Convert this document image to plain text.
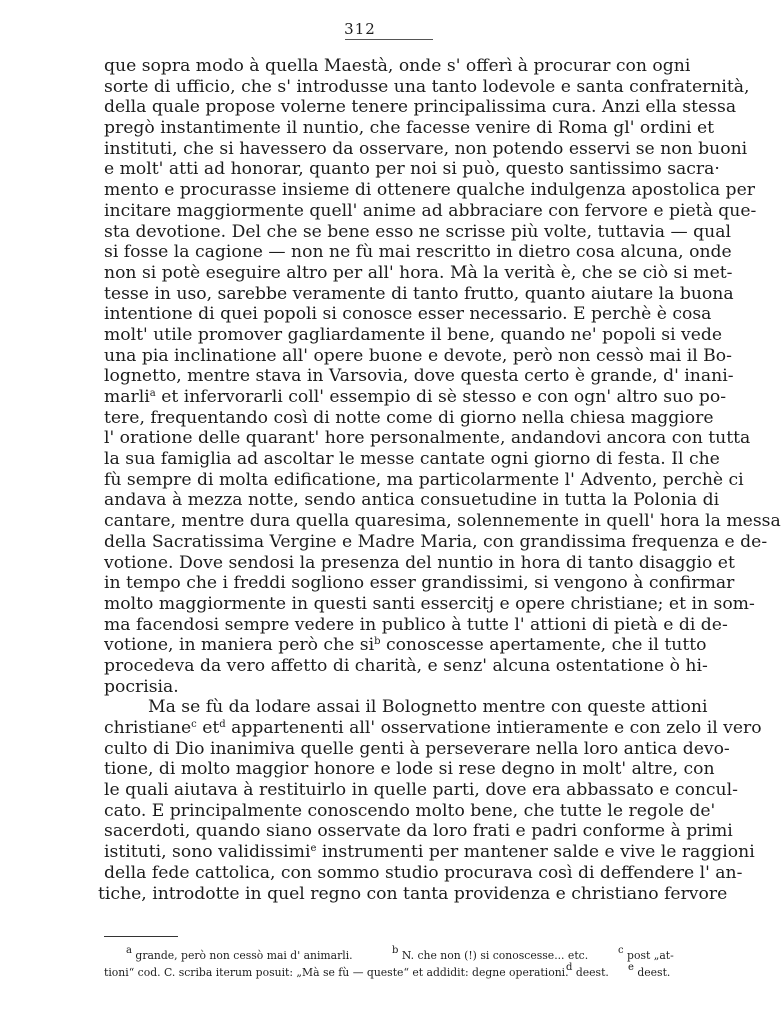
312
que sopra modo à quella Maestà, onde s' offerì à procurar con ogni
sorte di ufficio, che s' introdusse una tanto lodevole e santa confraternità,
della quale propose volerne tenere principalissima cura. Anzi ella stessa
pregò instantimente il nuntio, che facesse venire di Roma gl' ordini et
instituti, che si havessero da osservare, non potendo esservi se non buoni
e molt' atti ad honorar, quanto per noi si può, questo santissimo sacra·
mento e procurasse insieme di ottenere qualche indulgenza apostolica per
incitare maggiormente quell' anime ad abbraciare con fervore e pietà que-
sta devotione. Del che se bene esso ne scrisse più volte, tuttavia — qual
si fosse la cagione — non ne fù mai rescritto in dietro cosa alcuna, onde
non si potè eseguire altro per all' hora. Mà la verità è, che se ciò si met-
tesse in uso, sarebbe veramente di tanto frutto, quanto aiutare la buona
intentione di quei popoli si conosce esser necessario. E perchè è cosa
molt' utile promover gagliardamente il bene, quando ne' popoli si vede
una pia inclinatione all' opere buone e devote, però non cessò mai il Bo-
lognetto, mentre stava in Varsovia, dove questa certo è grande, d' inani-
marli$^a$ et infervorarli coll' essempio di sè stesso e con ogn' altro suo po-
tere, frequentando così di notte come di giorno nella chiesa maggiore
l' oratione delle quarant' hore personalmente, andandovi ancora con tutta
la sua famiglia ad ascoltar le messe cantate ogni giorno di festa. Il che
fù sempre di molta edificatione, ma particolarmente l' Advento, perchè ci
andava à mezza notte, sendo antica consuetudine in tutta la Polonia di
cantare, mentre dura quella quaresima, solennemente in quell' hora la messa
della Sacratissima Vergine e Madre Maria, con grandissima frequenza e de-
votione. Dove sendosi la presenza del nuntio in hora di tanto disaggio et
in tempo che i freddi sogliono esser grandissimi, si vengono à confirmar
molto maggiormente in questi santi essercitj e opere christiane; et in som-
ma facendosi sempre vedere in publico à tutte l' attioni di pietà e di de-
votione, in maniera però che $si^b$ conoscesse apertamente, che il tutto
procedeva da vero affetto di charità, e senz' alcuna ostentatione ò hi-
pocrisia.
Ma se fù da lodare assai il Bolognetto mentre con queste attioni
christiane$^c$ $et^d$ appartenenti all' osservatione intieramente e con zelo il vero
culto di Dio inanimiva quelle genti à perseverare nella loro antica devo-
tione, di molto maggior honore e lode si rese degno in molt' altre, con
le quali aiutava à restituirlo in quelle parti, dove era abbassato e concul-
cato. E principalmente conoscendo molto bene, che tutte le regole de'
sacerdoti, quando siano osservate da loro frati e padri conforme à primi
istituti, sono validissimi$^e$ instrumenti per mantener salde e vive le raggioni
della fede cattolica, con sommo studio procurava così di deffendere l' an-
tiche, introdotte in quel regno con tanta providenza e christiano fervore
$^a$ grande, però non cessò mai d' animarli.	$^b$ N. che non (!) si conoscesse... etc.	$^c$ post „at-
tioni“ cod. C. scriba iterum posuit: „Mà se fù — queste“ et addidit: degne operationi.$^d$ deest. $^e$ deest.
